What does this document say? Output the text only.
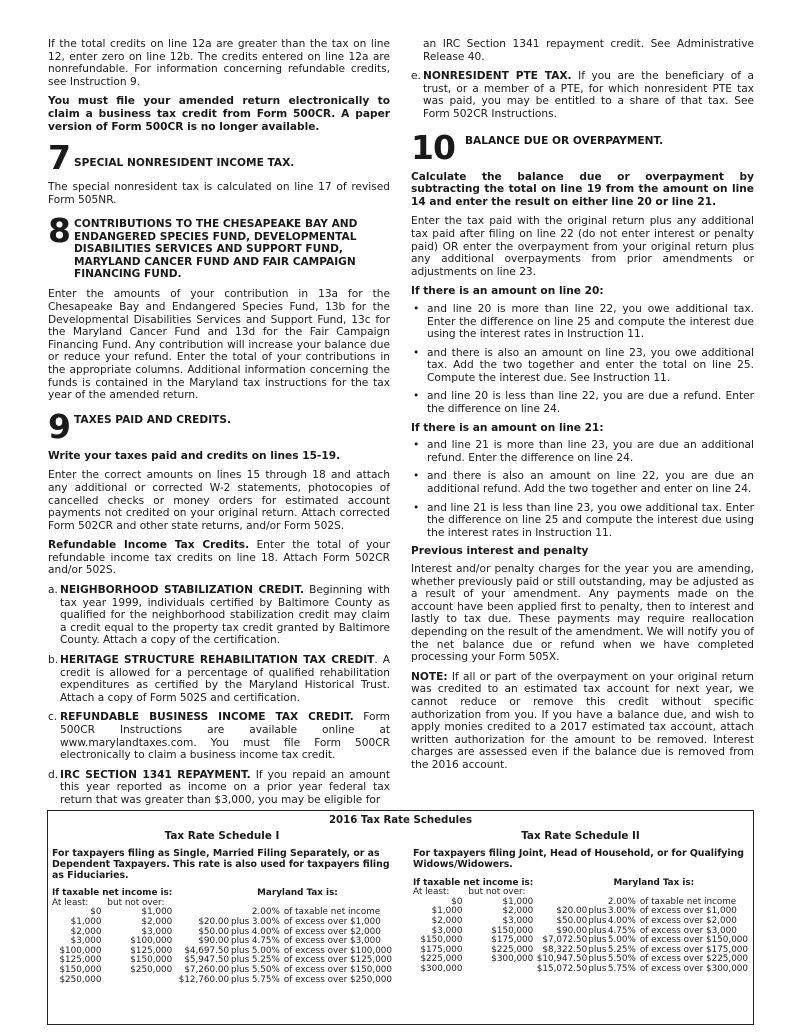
If the total credits on line 12a are greater than the tax on line 12, enter zero on line 12b. The credits entered on line 12a are nonrefundable. For information concerning refundable credits, see Instruction 9.

You must file your amended return electronically to claim a business tax credit from Form 500CR. A paper version of Form 500CR is no longer available.

7 SPECIAL NONRESIDENT INCOME TAX.

The special nonresident tax is calculated on line 17 of revised Form 505NR.

8 CONTRIBUTIONS TO THE CHESAPEAKE BAY AND ENDANGERED SPECIES FUND, DEVELOPMENTAL DISABILITIES SERVICES AND SUPPORT FUND, MARYLAND CANCER FUND AND FAIR CAMPAIGN FINANCING FUND.

Enter the amounts of your contribution in 13a for the Chesapeake Bay and Endangered Species Fund, 13b for the Developmental Disabilities Services and Support Fund, 13c for the Maryland Cancer Fund and 13d for the Fair Campaign Financing Fund. Any contribution will increase your balance due or reduce your refund. Enter the total of your contributions in the appropriate columns. Additional information concerning the funds is contained in the Maryland tax instructions for the tax year of the amended return.

9 TAXES PAID AND CREDITS.

Write your taxes paid and credits on lines 15-19.

Enter the correct amounts on lines 15 through 18 and attach any additional or corrected W-2 statements, photocopies of cancelled checks or money orders for estimated account payments not credited on your original return. Attach corrected Form 502CR and other state returns, and/or Form 502S.

Refundable Income Tax Credits. Enter the total of your refundable income tax credits on line 18. Attach Form 502CR and/or 502S.

a. NEIGHBORHOOD STABILIZATION CREDIT. Beginning with tax year 1999, individuals certified by Baltimore County as qualified for the neighborhood stabilization credit may claim a credit equal to the property tax credit granted by Baltimore County. Attach a copy of the certification.
b. HERITAGE STRUCTURE REHABILITATION TAX CREDIT. A credit is allowed for a percentage of qualified rehabilitation expenditures as certified by the Maryland Historical Trust. Attach a copy of Form 502S and certification.
c. REFUNDABLE BUSINESS INCOME TAX CREDIT. Form 500CR Instructions are available online at www.marylandtaxes.com. You must file Form 500CR electronically to claim a business income tax credit.
d. IRC SECTION 1341 REPAYMENT. If you repaid an amount this year reported as income on a prior year federal tax return that was greater than $3,000, you may be eligible for

an IRC Section 1341 repayment credit. See Administrative Release 40.

e. NONRESIDENT PTE TAX. If you are the beneficiary of a trust, or a member of a PTE, for which nonresident PTE tax was paid, you may be entitled to a share of that tax. See Form 502CR Instructions.
10 BALANCE DUE OR OVERPAYMENT.

Calculate the balance due or overpayment by subtracting the total on line 19 from the amount on line 14 and enter the result on either line 20 or line 21.

Enter the tax paid with the original return plus any additional tax paid after filing on line 22 (do not enter interest or penalty paid) OR enter the overpayment from your original return plus any additional overpayments from prior amendments or adjustments on line 23.

If there is an amount on line 20:
• and line 20 is more than line 22, you owe additional tax. Enter the difference on line 25 and compute the interest due using the interest rates in Instruction 11.
• and there is also an amount on line 23, you owe additional tax. Add the two together and enter the total on line 25. Compute the interest due. See Instruction 11.
• and line 20 is less than line 22, you are due a refund. Enter the difference on line 24.
If there is an amount on line 21:
• and line 21 is more than line 23, you are due an additional refund. Enter the difference on line 24.
• and there is also an amount on line 22, you are due an additional refund. Add the two together and enter on line 24.
• and line 21 is less than line 23, you owe additional tax. Enter the difference on line 25 and compute the interest due using the interest rates in Instruction 11.
Previous interest and penalty

Interest and/or penalty charges for the year you are amending, whether previously paid or still outstanding, may be adjusted as a result of your amendment. Any payments made on the account have been applied first to penalty, then to interest and lastly to tax due. These payments may require reallocation depending on the result of the amendment. We will notify you of the net balance due or refund when we have completed processing your Form 505X.

NOTE: If all or part of the overpayment on your original return was credited to an estimated tax account for next year, we cannot reduce or remove this credit without specific authorization from you. If you have a balance due, and wish to apply monies credited to a 2017 estimated tax account, attach written authorization for the amount to be removed. Interest charges are assessed even if the balance due is removed from the 2016 account.

2016 Tax Rate Schedules
Tax Rate Schedule I
For taxpayers filing as Single, Married Filing Separately, or as Dependent Taxpayers. This rate is also used for taxpayers filing as Fiduciaries.
If taxable net income is:				Maryland Tax is:	
At least:	but not over:				
$0	$1,000			2.00%	of taxable net income
$1,000	$2,000	$20.00	plus	3.00%	of excess over $1,000
$2,000	$3,000	$50.00	plus	4.00%	of excess over $2,000
$3,000	$100,000	$90.00	plus	4.75%	of excess over $3,000
$100,000	$125,000	$4,697.50	plus	5.00%	of excess over $100,000
$125,000	$150,000	$5,947.50	plus	5.25%	of excess over $125,000
$150,000	$250,000	$7,260.00	plus	5.50%	of excess over $150,000
$250,000		$12,760.00	plus	5.75%	of excess over $250,000
Tax Rate Schedule II
For taxpayers filing Joint, Head of Household, or for Qualifying Widows/Widowers.
If taxable net income is:				Maryland Tax is:	
At least:	but not over:				
$0	$1,000			2.00%	of taxable net income
$1,000	$2,000	$20.00	plus	3.00%	of excess over $1,000
$2,000	$3,000	$50.00	plus	4.00%	of excess over $2,000
$3,000	$150,000	$90.00	plus	4.75%	of excess over $3,000
$150,000	$175,000	$7,072.50	plus	5.00%	of excess over $150,000
$175,000	$225,000	$8,322.50	plus	5.25%	of excess over $175,000
$225,000	$300,000	$10,947.50	plus	5.50%	of excess over $225,000
$300,000		$15,072.50	plus	5.75%	of excess over $300,000
